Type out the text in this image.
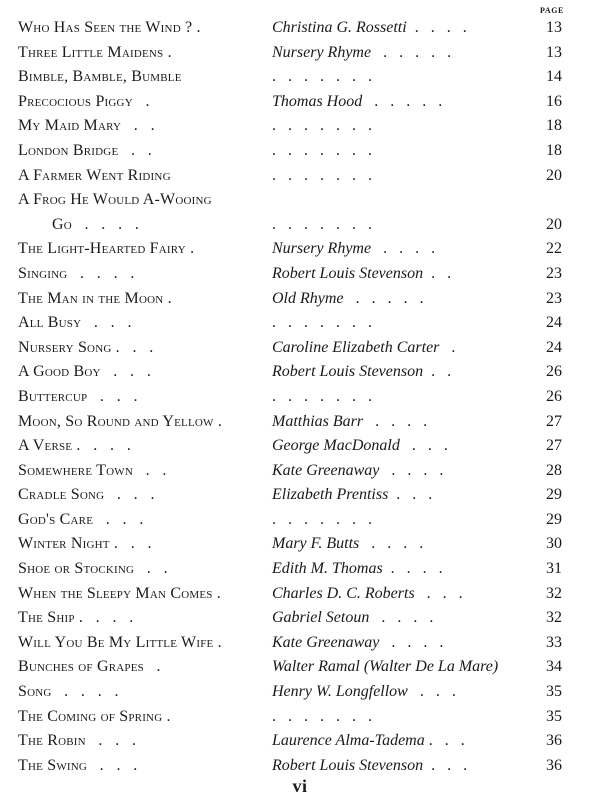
PAGE
Who Has Seen the Wind ? .	Christina G. Rossetti  .   .   .   .	13
Three Little Maidens .	Nursery Rhyme   .   .   .   .   .	13
Bimble, Bamble, Bumble	.   .   .   .   .   .   .	14
Precocious Piggy   .	Thomas Hood   .   .   .   .   .	16
My Maid Mary   .   .	.   .   .   .   .   .   .	18
London Bridge   .   .	.   .   .   .   .   .   .	18
A Farmer Went Riding	.   .   .   .   .   .   .	20
A Frog He Would A-Wooing
Go   .   .   .   .	.   .   .   .   .   .   .	20
The Light-Hearted Fairy .	Nursery Rhyme   .   .   .   .	22
Singing   .   .   .   .	Robert Louis Stevenson  .   .	23
The Man in the Moon .	Old Rhyme   .   .   .   .   .	23
All Busy   .   .   .	.   .   .   .   .   .   .	24
Nursery Song .   .   .	Caroline Elizabeth Carter   .	24
A Good Boy   .   .   .	Robert Louis Stevenson  .   .	26
Buttercup   .   .   .	.   .   .   .   .   .   .	26
Moon, So Round and Yellow .	Matthias Barr   .   .   .   .	27
A Verse .   .   .   .	George MacDonald   .   .   .	27
Somewhere Town   .   .	Kate Greenaway   .   .   .   .	28
Cradle Song   .   .   .	Elizabeth Prentiss  .   .   .	29
God's Care   .   .   .	.   .   .   .   .   .   .	29
Winter Night .   .   .	Mary F. Butts   .   .   .   .	30
Shoe or Stocking   .   .	Edith M. Thomas  .   .   .   .	31
When the Sleepy Man Comes .	Charles D. C. Roberts   .   .   .	32
The Ship .   .   .   .	Gabriel Setoun   .   .   .   .	32
Will You Be My Little Wife .	Kate Greenaway   .   .   .   .	33
Bunches of Grapes   .	Walter Ramal (Walter De La Mare)	34
Song   .   .   .   .	Henry W. Longfellow   .   .   .	35
The Coming of Spring .	.   .   .   .   .   .   .	35
The Robin   .   .   .	Laurence Alma-Tadema .   .   .	36
The Swing   .   .   .	Robert Louis Stevenson  .   .   .	36
vi
